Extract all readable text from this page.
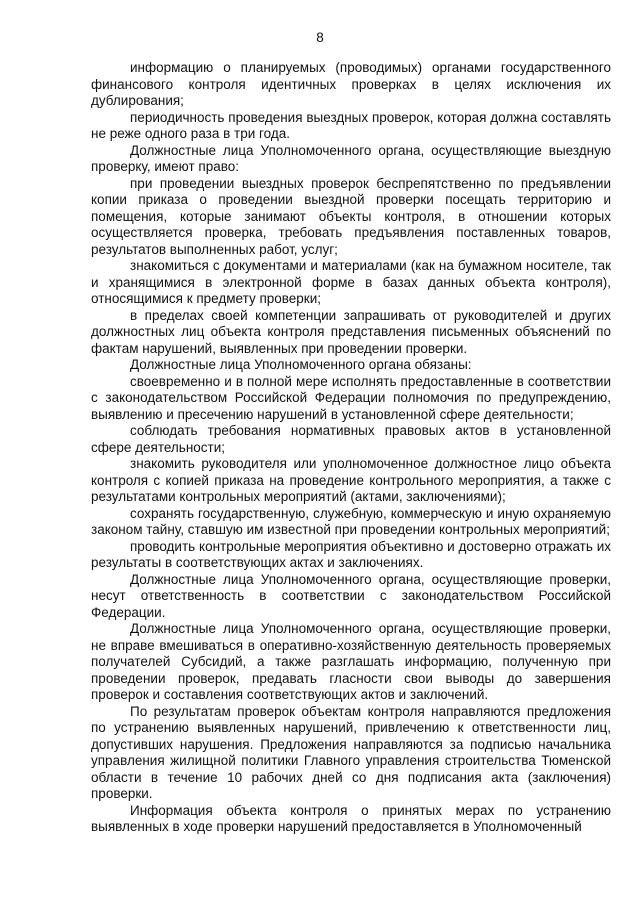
8

информацию о планируемых (проводимых) органами государственного финансового контроля идентичных проверках в целях исключения их дублирования;

периодичность проведения выездных проверок, которая должна составлять не реже одного раза в три года.

Должностные лица Уполномоченного органа, осуществляющие выездную проверку, имеют право:

при проведении выездных проверок беспрепятственно по предъявлении копии приказа о проведении выездной проверки посещать территорию и помещения, которые занимают объекты контроля, в отношении которых осуществляется проверка, требовать предъявления поставленных товаров, результатов выполненных работ, услуг;

знакомиться с документами и материалами (как на бумажном носителе, так и хранящимися в электронной форме в базах данных объекта контроля), относящимися к предмету проверки;

в пределах своей компетенции запрашивать от руководителей и других должностных лиц объекта контроля представления письменных объяснений по фактам нарушений, выявленных при проведении проверки.

Должностные лица Уполномоченного органа обязаны:

своевременно и в полной мере исполнять предоставленные в соответствии с законодательством Российской Федерации полномочия по предупреждению, выявлению и пресечению нарушений в установленной сфере деятельности;

соблюдать требования нормативных правовых актов в установленной сфере деятельности;

знакомить руководителя или уполномоченное должностное лицо объекта контроля с копией приказа на проведение контрольного мероприятия, а также с результатами контрольных мероприятий (актами, заключениями);

сохранять государственную, служебную, коммерческую и иную охраняемую законом тайну, ставшую им известной при проведении контрольных мероприятий;

проводить контрольные мероприятия объективно и достоверно отражать их результаты в соответствующих актах и заключениях.

Должностные лица Уполномоченного органа, осуществляющие проверки, несут ответственность в соответствии с законодательством Российской Федерации.

Должностные лица Уполномоченного органа, осуществляющие проверки, не вправе вмешиваться в оперативно-хозяйственную деятельность проверяемых получателей Субсидий, а также разглашать информацию, полученную при проведении проверок, предавать гласности свои выводы до завершения проверок и составления соответствующих актов и заключений.

По результатам проверок объектам контроля направляются предложения по устранению выявленных нарушений, привлечению к ответственности лиц, допустивших нарушения. Предложения направляются за подписью начальника управления жилищной политики Главного управления строительства Тюменской области в течение 10 рабочих дней со дня подписания акта (заключения) проверки.

Информация объекта контроля о принятых мерах по устранению выявленных в ходе проверки нарушений предоставляется в Уполномоченный
